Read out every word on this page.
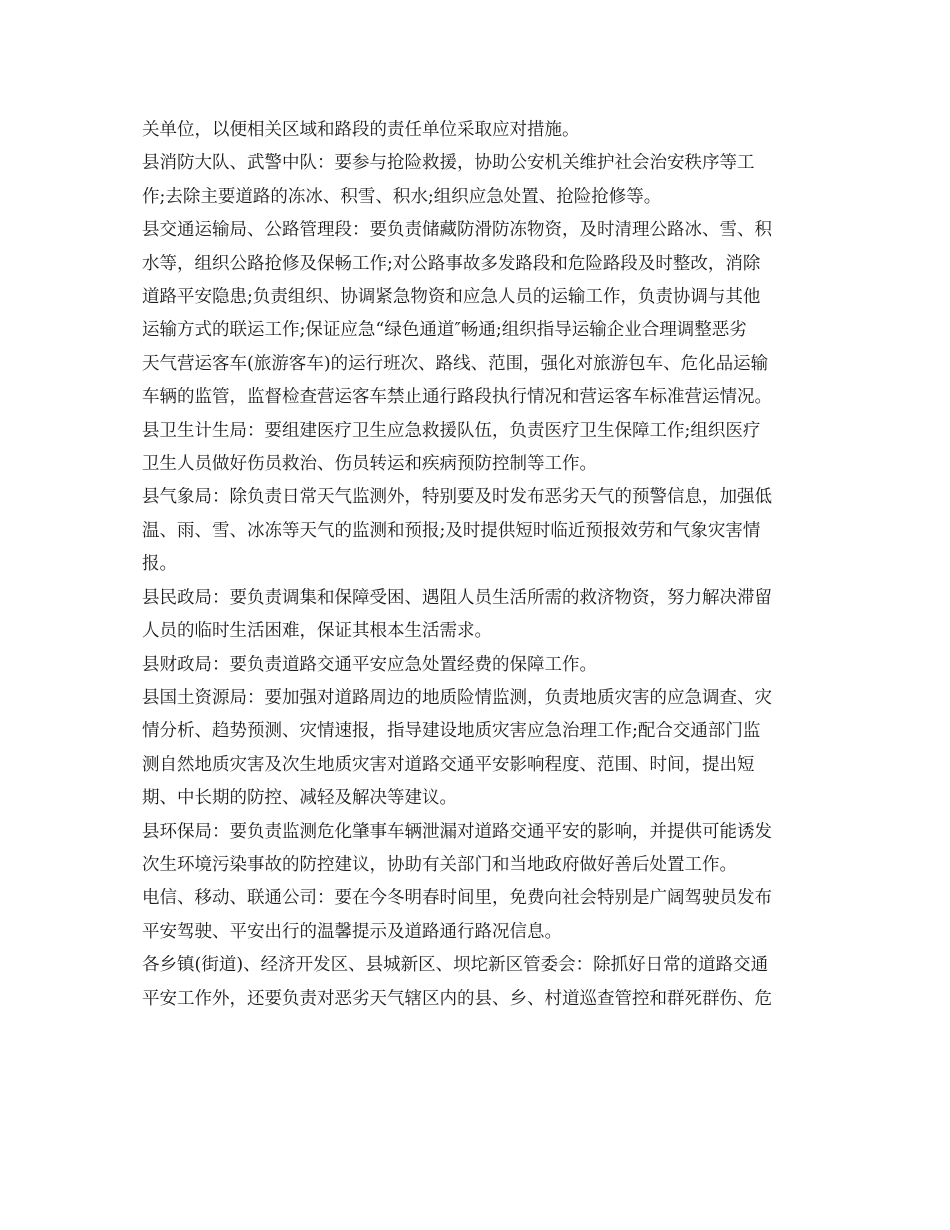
关单位，以便相关区域和路段的责任单位采取应对措施。
县消防大队、武警中队：要参与抢险救援，协助公安机关维护社会治安秩序等工
作;去除主要道路的冻冰、积雪、积水;组织应急处置、抢险抢修等。
县交通运输局、公路管理段：要负责储藏防滑防冻物资，及时清理公路冰、雪、积
水等，组织公路抢修及保畅工作;对公路事故多发路段和危险路段及时整改，消除
道路平安隐患;负责组织、协调紧急物资和应急人员的运输工作，负责协调与其他
运输方式的联运工作;保证应急“绿色通道″畅通;组织指导运输企业合理调整恶劣
天气营运客车(旅游客车)的运行班次、路线、范围，强化对旅游包车、危化品运输
车辆的监管，监督检查营运客车禁止通行路段执行情况和营运客车标准营运情况。
县卫生计生局：要组建医疗卫生应急救援队伍，负责医疗卫生保障工作;组织医疗
卫生人员做好伤员救治、伤员转运和疾病预防控制等工作。
县气象局：除负责日常天气监测外，特别要及时发布恶劣天气的预警信息，加强低
温、雨、雪、冰冻等天气的监测和预报;及时提供短时临近预报效劳和气象灾害情
报。
县民政局：要负责调集和保障受困、遇阻人员生活所需的救济物资，努力解决滞留
人员的临时生活困难，保证其根本生活需求。
县财政局：要负责道路交通平安应急处置经费的保障工作。
县国土资源局：要加强对道路周边的地质险情监测，负责地质灾害的应急调查、灾
情分析、趋势预测、灾情速报，指导建设地质灾害应急治理工作;配合交通部门监
测自然地质灾害及次生地质灾害对道路交通平安影响程度、范围、时间，提出短
期、中长期的防控、减轻及解决等建议。
县环保局：要负责监测危化肇事车辆泄漏对道路交通平安的影响，并提供可能诱发
次生环境污染事故的防控建议，协助有关部门和当地政府做好善后处置工作。
电信、移动、联通公司：要在今冬明春时间里，免费向社会特别是广阔驾驶员发布
平安驾驶、平安出行的温馨提示及道路通行路况信息。
各乡镇(街道)、经济开发区、县城新区、坝坨新区管委会：除抓好日常的道路交通
平安工作外，还要负责对恶劣天气辖区内的县、乡、村道巡查管控和群死群伤、危
